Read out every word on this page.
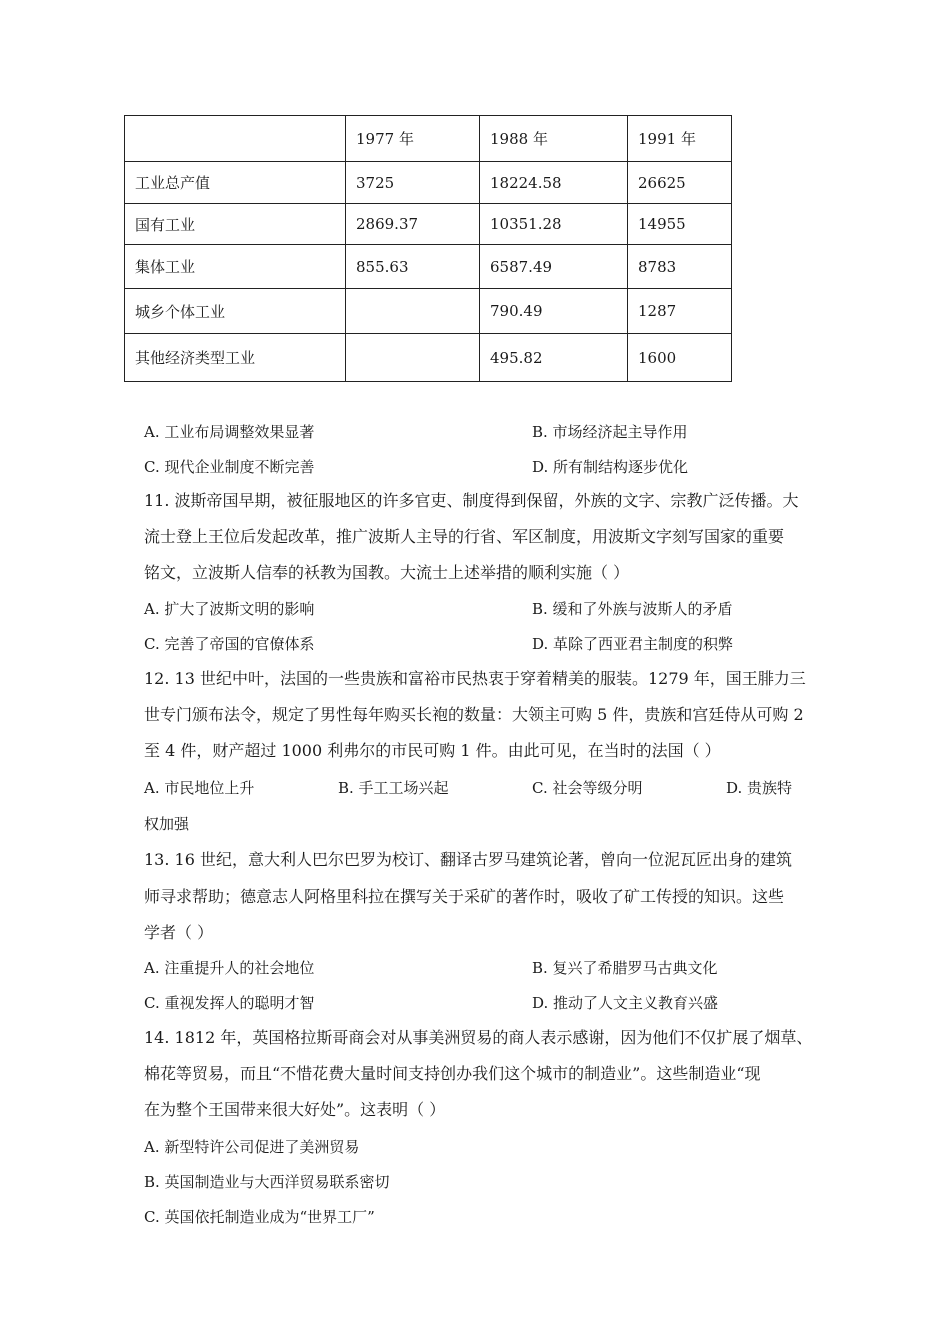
	1977 年	1988 年	1991 年
工业总产值	3725	18224.58	26625
国有工业	2869.37	10351.28	14955
集体工业	855.63	6587.49	8783
城乡个体工业		790.49	1287
其他经济类型工业		495.82	1600
A. 工业布局调整效果显著	B. 市场经济起主导作用
C. 现代企业制度不断完善	D. 所有制结构逐步优化
11. 波斯帝国早期，被征服地区的许多官吏、制度得到保留，外族的文字、宗教广泛传播。大
流士登上王位后发起改革，推广波斯人主导的行省、军区制度，用波斯文字刻写国家的重要
铭文，立波斯人信奉的袄教为国教。大流士上述举措的顺利实施（ ）
A. 扩大了波斯文明的影响	B. 缓和了外族与波斯人的矛盾
C. 完善了帝国的官僚体系	D. 革除了西亚君主制度的积弊
12. 13 世纪中叶，法国的一些贵族和富裕市民热衷于穿着精美的服装。1279 年，国王腓力三
世专门颁布法令，规定了男性每年购买长袍的数量：大领主可购 5 件，贵族和宫廷侍从可购 2
至 4 件，财产超过 1000 利弗尔的市民可购 1 件。由此可见，在当时的法国（ ）
A. 市民地位上升	B. 手工工场兴起	C. 社会等级分明	D. 贵族特
权加强
13. 16 世纪，意大利人巴尔巴罗为校订、翻译古罗马建筑论著，曾向一位泥瓦匠出身的建筑
师寻求帮助；德意志人阿格里科拉在撰写关于采矿的著作时，吸收了矿工传授的知识。这些
学者（ ）
A. 注重提升人的社会地位	B. 复兴了希腊罗马古典文化
C. 重视发挥人的聪明才智	D. 推动了人文主义教育兴盛
14. 1812 年，英国格拉斯哥商会对从事美洲贸易的商人表示感谢，因为他们不仅扩展了烟草、
棉花等贸易，而且“不惜花费大量时间支持创办我们这个城市的制造业”。这些制造业“现
在为整个王国带来很大好处”。这表明（ ）
A. 新型特许公司促进了美洲贸易
B. 英国制造业与大西洋贸易联系密切
C. 英国依托制造业成为“世界工厂”
